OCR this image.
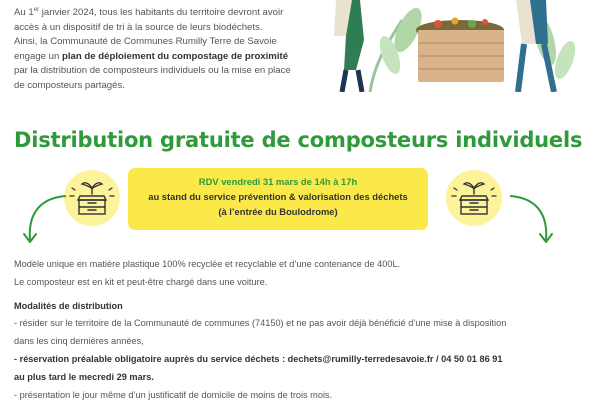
Au 1er janvier 2024, tous les habitants du territoire devront avoir

accès à un dispositif de tri à la source de leurs biodéchets.

Ainsi, la Communauté de Communes Rumilly Terre de Savoie

engage un plan de déploiement du compostage de proximité

par la distribution de composteurs individuels ou la mise en place

de composteurs partagés.

Distribution gratuite de composteurs individuels
RDV vendredi 31 mars de 14h à 17h
au stand du service prévention & valorisation des déchets
(à l’entrée du Boulodrome)
Modèle unique en matière plastique 100% recyclée et recyclable et d’une contenance de 400L.
Le composteur est en kit et peut-être chargé dans une voiture.
Modalités de distribution
- résider sur le territoire de la Communauté de communes (74150) et ne pas avoir déjà bénéficié d’une mise à disposition
dans les cinq dernières années,
- réservation préalable obligatoire auprès du service déchets : dechets@rumilly-terredesavoie.fr / 04 50 01 86 91
au plus tard le mecredi 29 mars.
- présentation le jour même d’un justificatif de domicile de moins de trois mois.
